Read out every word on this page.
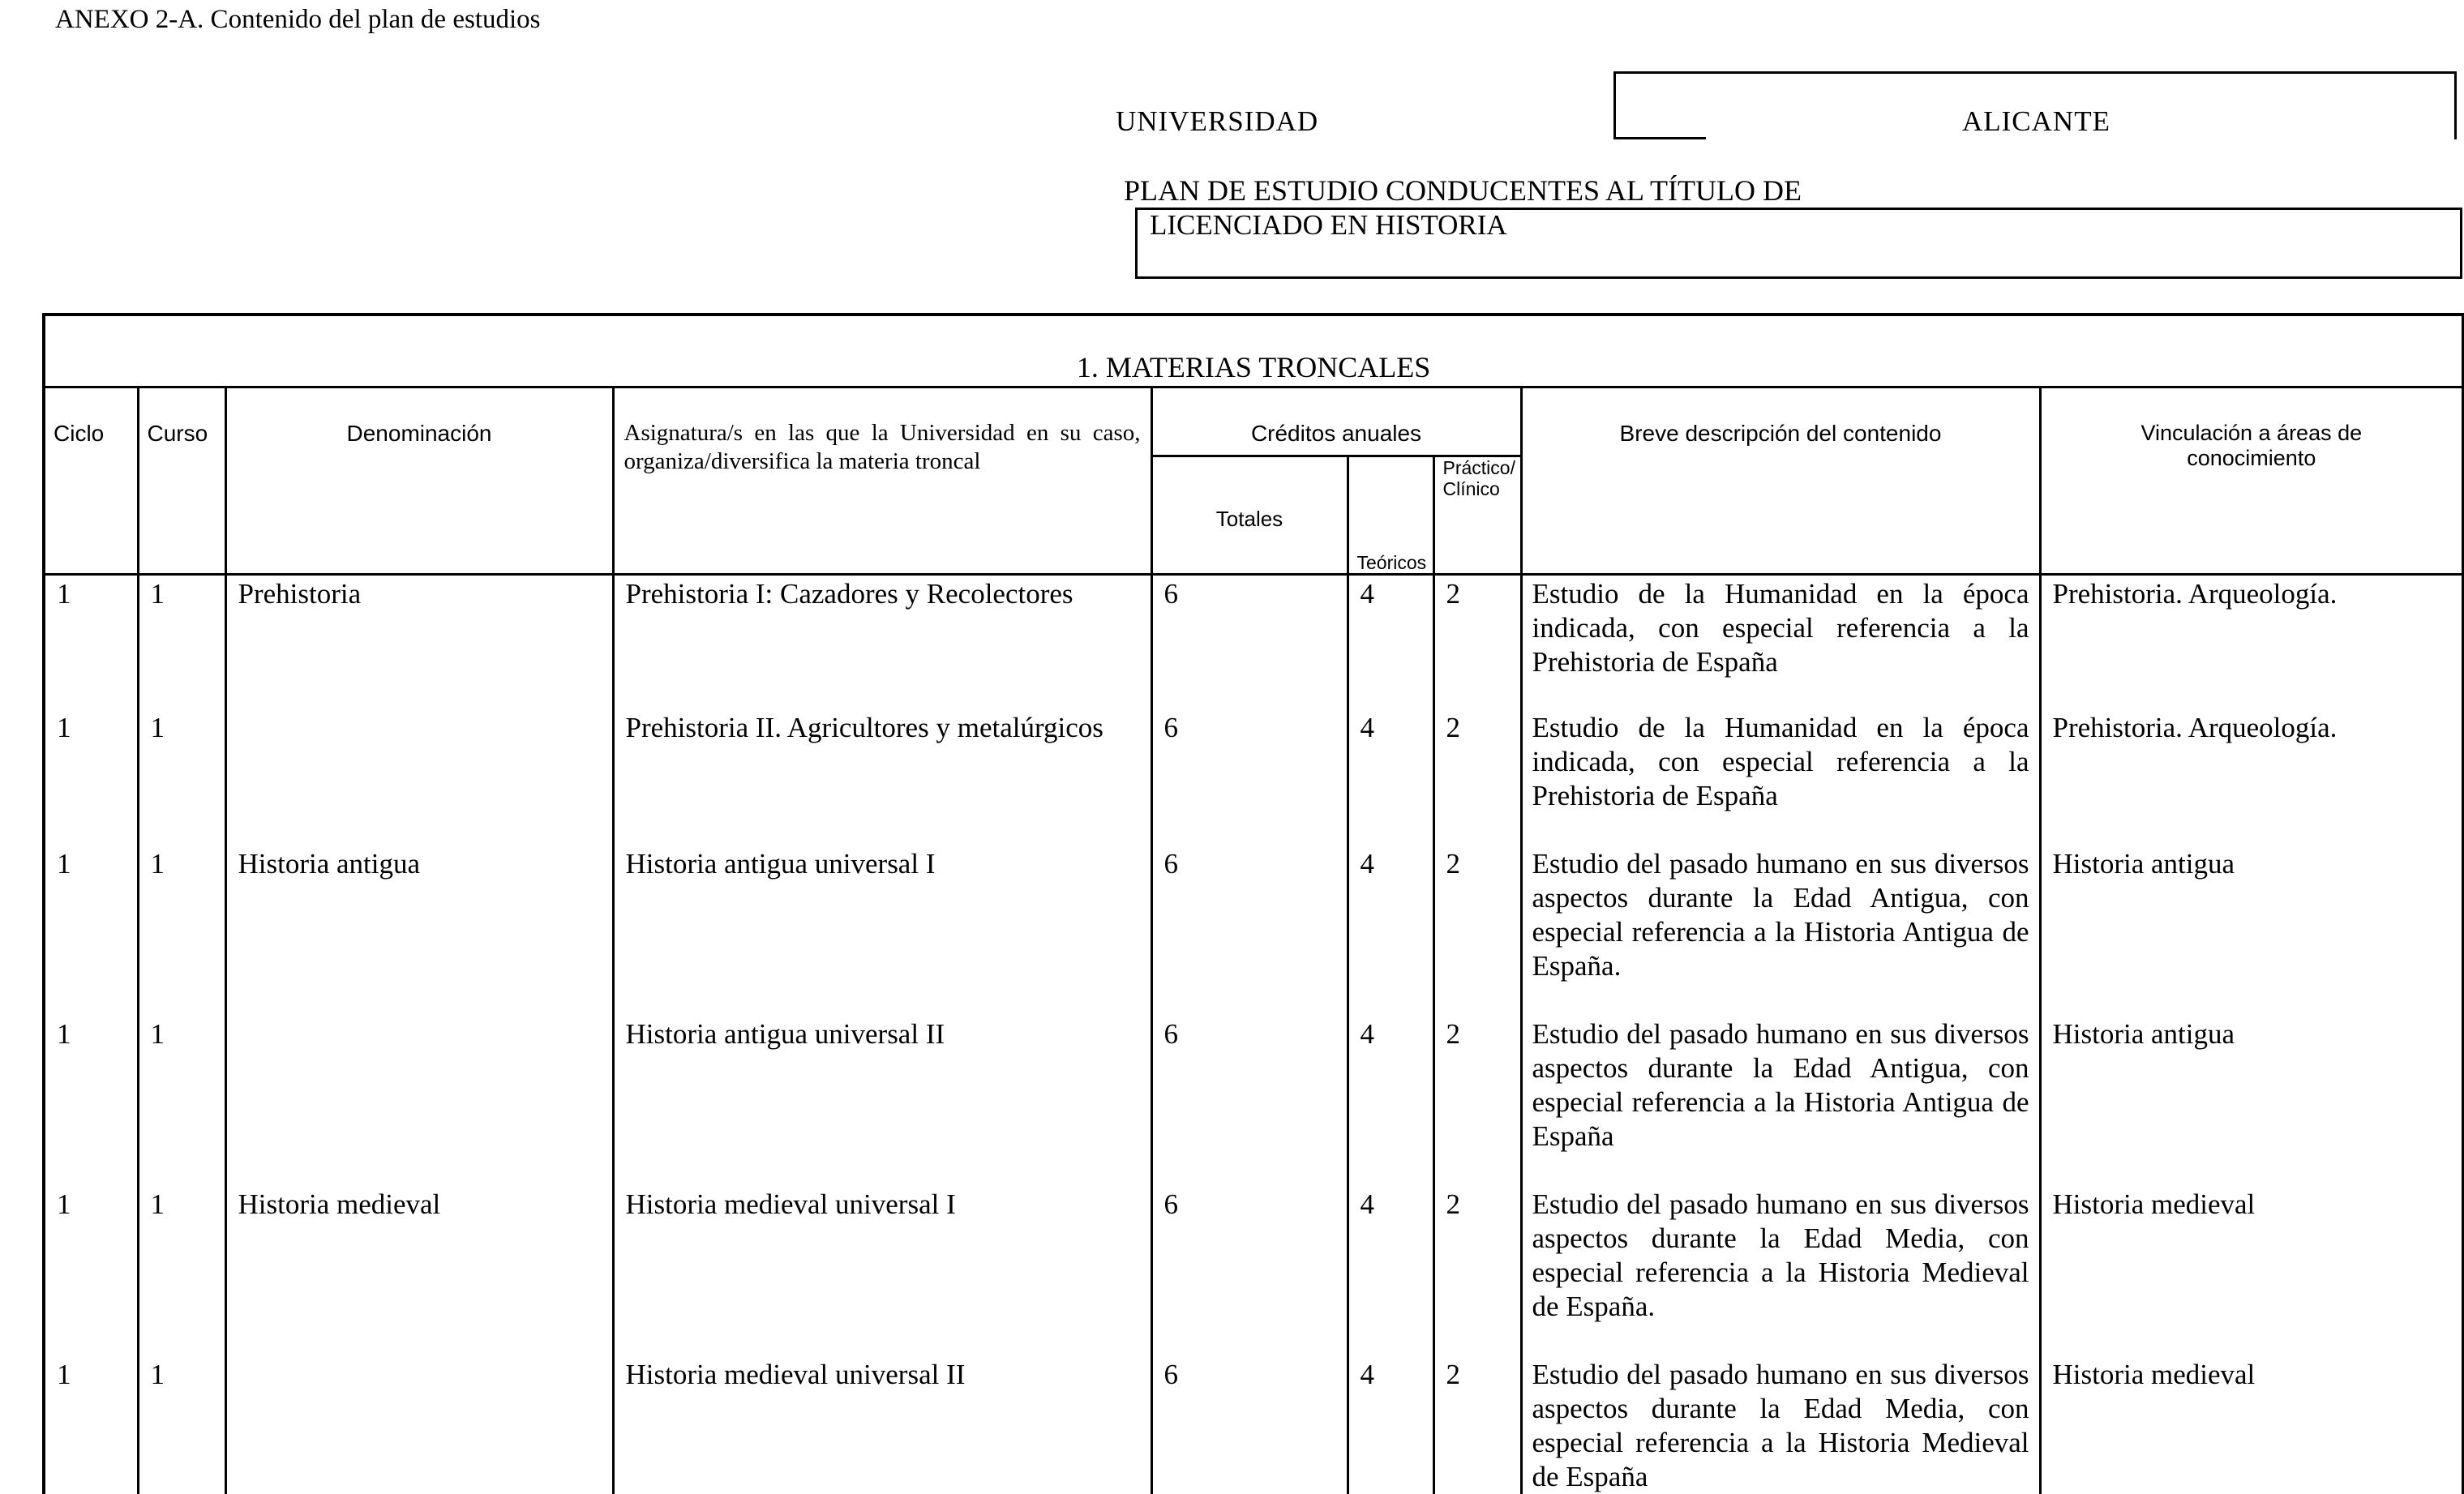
ANEXO 2-A. Contenido del plan de estudios
UNIVERSIDAD	ALICANTE
PLAN DE ESTUDIO CONDUCENTES AL TÍTULO DE
LICENCIADO EN HISTORIA
1. MATERIAS TRONCALES								
Ciclo	Curso	Denominación	Asignatura/s en las que la Universidad en su caso, organiza/diversifica la materia troncal	Créditos anuales			Breve descripción del contenido	Vinculación a áreas de conocimiento
				Totales	Teóricos	Práctico/Clínico		
1	1	Prehistoria	Prehistoria I: Cazadores y Recolectores	6	4	2	Estudio de la Humanidad en la época indicada, con especial referencia a la Prehistoria de España	Prehistoria. Arqueología.
1	1		Prehistoria II. Agricultores y metalúrgicos	6	4	2	Estudio de la Humanidad en la época indicada, con especial referencia a la Prehistoria de España	Prehistoria. Arqueología.
1	1	Historia antigua	Historia antigua universal I	6	4	2	Estudio del pasado humano en sus diversos aspectos durante la Edad Antigua, con especial referencia a la Historia Antigua de España.	Historia antigua
1	1		Historia antigua universal II	6	4	2	Estudio del pasado humano en sus diversos aspectos durante la Edad Antigua, con especial referencia a la Historia Antigua de España	Historia antigua
1	1	Historia medieval	Historia medieval universal I	6	4	2	Estudio del pasado humano en sus diversos aspectos durante la Edad Media, con especial referencia a la Historia Medieval de España.	Historia medieval
1	1		Historia medieval universal II	6	4	2	Estudio del pasado humano en sus diversos aspectos durante la Edad Media, con especial referencia a la Historia Medieval de España	Historia medieval
